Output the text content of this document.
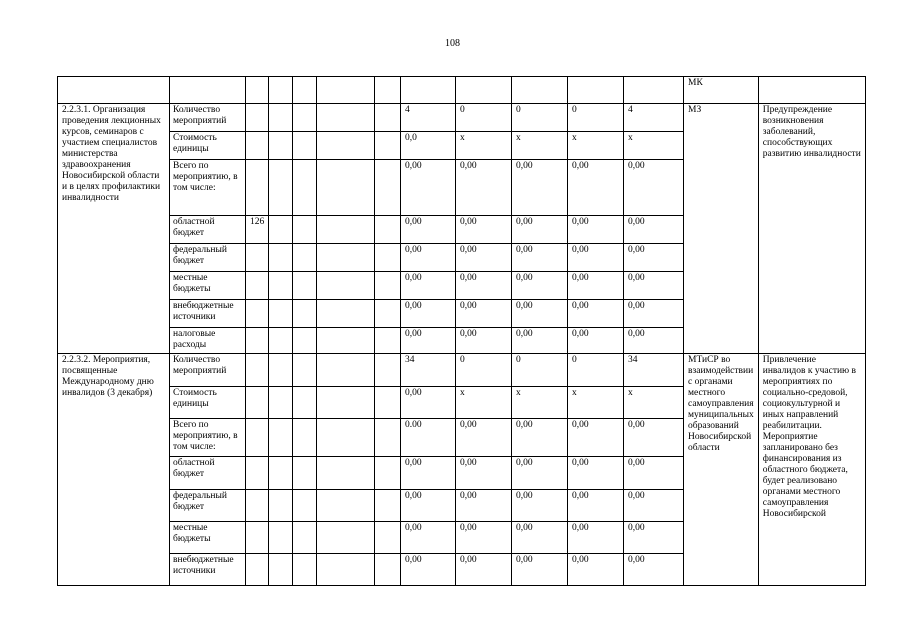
108
												МК	
2.2.3.1. Организация проведения лекционных курсов, семинаров с участием специалистов министерства здравоохранения Новосибирской области и в целях профилактики инвалидности	Количество мероприятий						4	0	0	0	4	МЗ	Предупреждение возникновения заболеваний, способствующих развитию инвалидности
	Стоимость единицы						0,0	х	х	х	х		
	Всего по мероприятию, в том числе:						0,00	0,00	0,00	0,00	0,00		
	областной бюджет	126					0,00	0,00	0,00	0,00	0,00		
	федеральный бюджет						0,00	0,00	0,00	0,00	0,00		
	местные бюджеты						0,00	0,00	0,00	0,00	0,00		
	внебюджетные источники						0,00	0,00	0,00	0,00	0,00		
	налоговые расходы						0,00	0,00	0,00	0,00	0,00		
2.2.3.2. Мероприятия, посвященные Международному дню инвалидов (3 декабря)	Количество мероприятий						34	0	0	0	34	МТиСР во взаимодействии с органами местного самоуправления муниципальных образований Новосибирской области	Привлечение инвалидов к участию в мероприятиях по социально-средовой, социокультурной и иных направлений реабилитации. Мероприятие запланировано без финансирования из областного бюджета, будет реализовано органами местного самоуправления Новосибирской
	Стоимость единицы						0,00	х	х	х	х		
	Всего по мероприятию, в том числе:						0.00	0,00	0,00	0,00	0,00		
	областной бюджет						0,00	0,00	0,00	0,00	0,00		
	федеральный бюджет						0,00	0,00	0,00	0,00	0,00		
	местные бюджеты						0,00	0,00	0,00	0,00	0,00		
	внебюджетные источники						0,00	0,00	0,00	0,00	0,00		
